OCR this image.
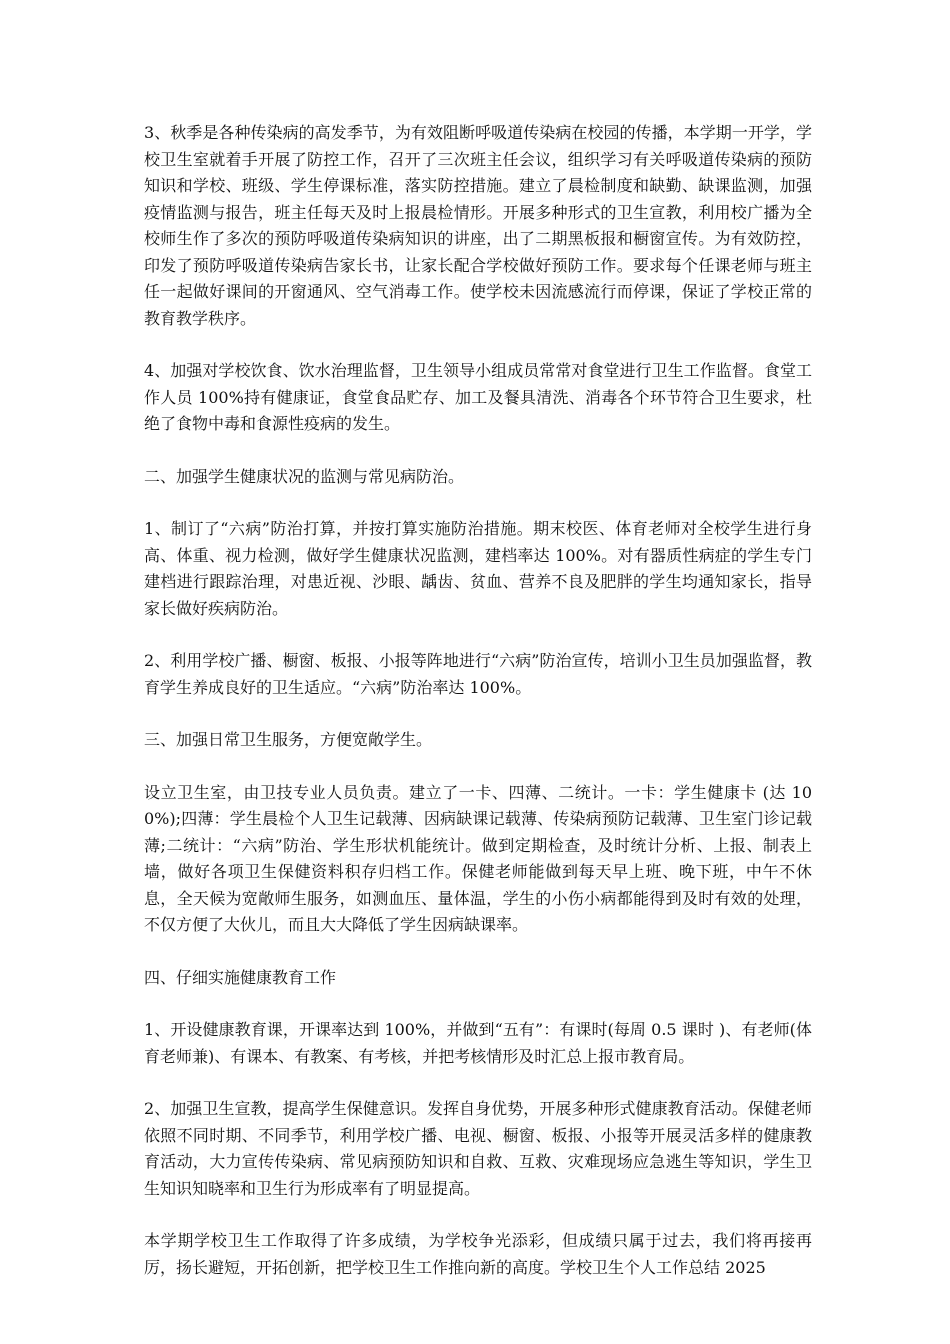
3、秋季是各种传染病的高发季节，为有效阻断呼吸道传染病在校园的传播，本学期一开学，学校卫生室就着手开展了防控工作，召开了三次班主任会议，组织学习有关呼吸道传染病的预防知识和学校、班级、学生停课标准，落实防控措施。建立了晨检制度和缺勤、缺课监测，加强疫情监测与报告，班主任每天及时上报晨检情形。开展多种形式的卫生宣教，利用校广播为全校师生作了多次的预防呼吸道传染病知识的讲座，出了二期黑板报和橱窗宣传。为有效防控，印发了预防呼吸道传染病告家长书，让家长配合学校做好预防工作。要求每个任课老师与班主任一起做好课间的开窗通风、空气消毒工作。使学校未因流感流行而停课，保证了学校正常的教育教学秩序。

4、加强对学校饮食、饮水治理监督，卫生领导小组成员常常对食堂进行卫生工作监督。食堂工作人员 100%持有健康证，食堂食品贮存、加工及餐具清洗、消毒各个环节符合卫生要求，杜绝了食物中毒和食源性疫病的发生。

二、加强学生健康状况的监测与常见病防治。

1、制订了“六病”防治打算，并按打算实施防治措施。期末校医、体育老师对全校学生进行身高、体重、视力检测，做好学生健康状况监测，建档率达 100%。对有器质性病症的学生专门建档进行跟踪治理，对患近视、沙眼、龋齿、贫血、营养不良及肥胖的学生均通知家长，指导家长做好疾病防治。

2、利用学校广播、橱窗、板报、小报等阵地进行“六病”防治宣传，培训小卫生员加强监督，教育学生养成良好的卫生适应。“六病”防治率达 100%。

三、加强日常卫生服务，方便宽敞学生。

设立卫生室，由卫技专业人员负责。建立了一卡、四薄、二统计。一卡：学生健康卡 (达 100%);四薄：学生晨检个人卫生记载薄、因病缺课记载薄、传染病预防记载薄、卫生室门诊记载薄;二统计：“六病”防治、学生形状机能统计。做到定期检查，及时统计分析、上报、制表上墙，做好各项卫生保健资料积存归档工作。保健老师能做到每天早上班、晚下班，中午不休息，全天候为宽敞师生服务，如测血压、量体温，学生的小伤小病都能得到及时有效的处理，不仅方便了大伙儿，而且大大降低了学生因病缺课率。

四、仔细实施健康教育工作

1、开设健康教育课，开课率达到 100%，并做到“五有”：有课时(每周 0.5 课时 )、有老师(体育老师兼)、有课本、有教案、有考核，并把考核情形及时汇总上报市教育局。

2、加强卫生宣教，提高学生保健意识。发挥自身优势，开展多种形式健康教育活动。保健老师依照不同时期、不同季节，利用学校广播、电视、橱窗、板报、小报等开展灵活多样的健康教育活动，大力宣传传染病、常见病预防知识和自救、互救、灾难现场应急逃生等知识，学生卫生知识知晓率和卫生行为形成率有了明显提高。

本学期学校卫生工作取得了许多成绩，为学校争光添彩，但成绩只属于过去，我们将再接再厉，扬长避短，开拓创新，把学校卫生工作推向新的高度。学校卫生个人工作总结 2025
